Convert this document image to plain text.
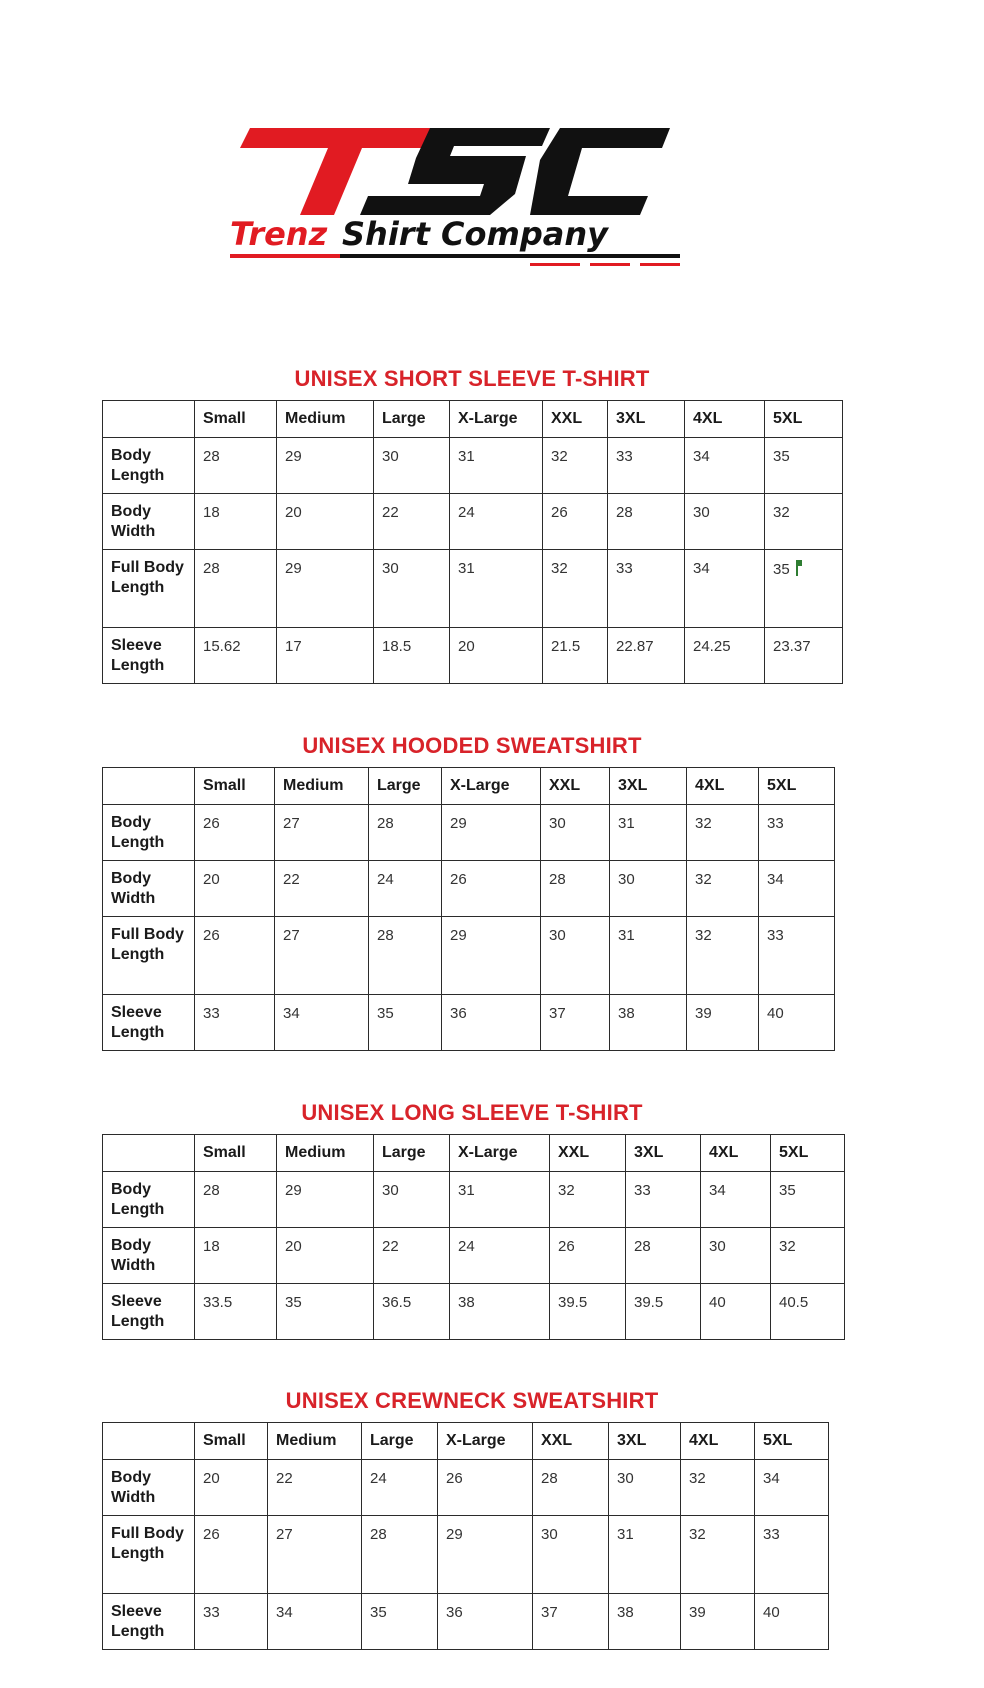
Trenz Shirt Company
UNISEX SHORT SLEEVE T-SHIRT
	Small	Medium	Large	X-Large	XXL	3XL	4XL	5XL
Body Length	28	29	30	31	32	33	34	35
Body Width	18	20	22	24	26	28	30	32
Full Body Length	28	29	30	31	32	33	34	35
Sleeve Length	15.62	17	18.5	20	21.5	22.87	24.25	23.37
UNISEX HOODED SWEATSHIRT
	Small	Medium	Large	X-Large	XXL	3XL	4XL	5XL
Body Length	26	27	28	29	30	31	32	33
Body Width	20	22	24	26	28	30	32	34
Full Body Length	26	27	28	29	30	31	32	33
Sleeve Length	33	34	35	36	37	38	39	40
UNISEX LONG SLEEVE T-SHIRT
	Small	Medium	Large	X-Large	XXL	3XL	4XL	5XL
Body Length	28	29	30	31	32	33	34	35
Body Width	18	20	22	24	26	28	30	32
Sleeve Length	33.5	35	36.5	38	39.5	39.5	40	40.5
UNISEX CREWNECK SWEATSHIRT
	Small	Medium	Large	X-Large	XXL	3XL	4XL	5XL
Body Width	20	22	24	26	28	30	32	34
Full Body Length	26	27	28	29	30	31	32	33
Sleeve Length	33	34	35	36	37	38	39	40
